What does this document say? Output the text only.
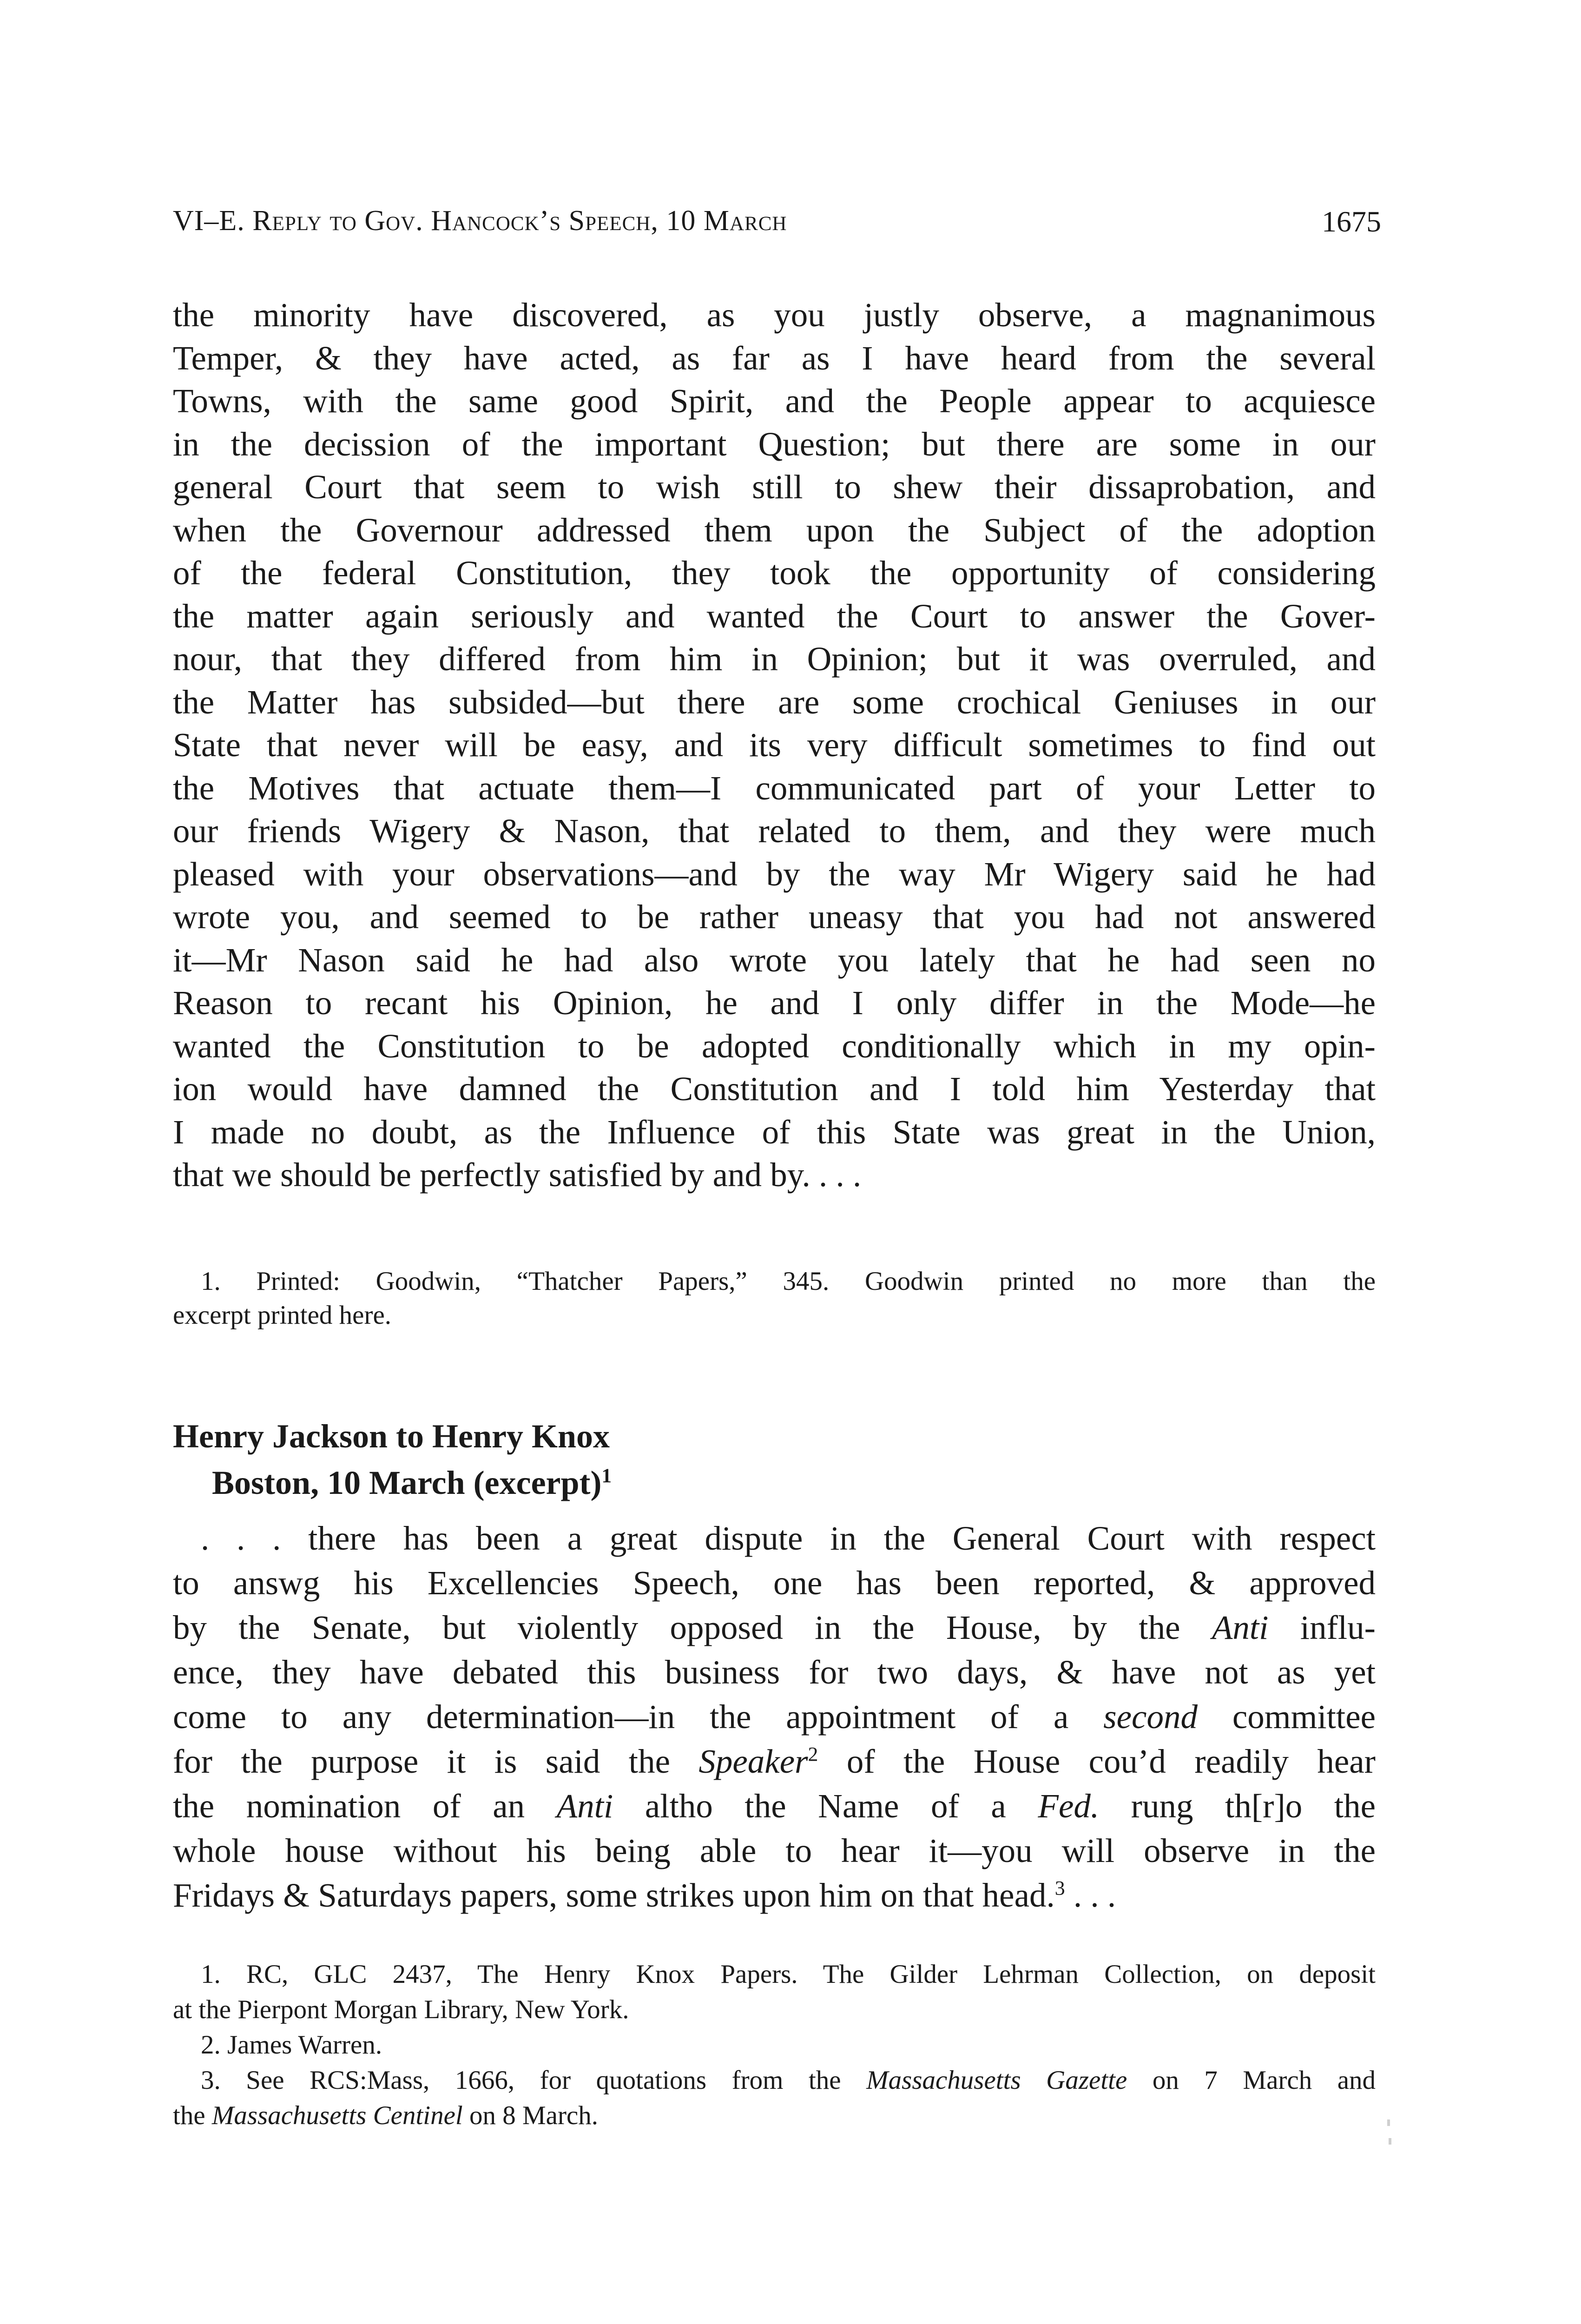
VI–E. Reply to Gov. Hancock’s Speech, 10 March	1675
the minority have discovered, as you justly observe, a magnanimous
Temper, & they have acted, as far as I have heard from the several
Towns, with the same good Spirit, and the People appear to acquiesce
in the decission of the important Question; but there are some in our
general Court that seem to wish still to shew their dissaprobation, and
when the Governour addressed them upon the Subject of the adoption
of the federal Constitution, they took the opportunity of considering
the matter again seriously and wanted the Court to answer the Gover-
nour, that they differed from him in Opinion; but it was overruled, and
the Matter has subsided—but there are some crochical Geniuses in our
State that never will be easy, and its very difficult sometimes to find out
the Motives that actuate them—I communicated part of your Letter to
our friends Wigery & Nason, that related to them, and they were much
pleased with your observations—and by the way Mr Wigery said he had
wrote you, and seemed to be rather uneasy that you had not answered
it—Mr Nason said he had also wrote you lately that he had seen no
Reason to recant his Opinion, he and I only differ in the Mode—he
wanted the Constitution to be adopted conditionally which in my opin-
ion would have damned the Constitution and I told him Yesterday that
I made no doubt, as the Influence of this State was great in the Union,
that we should be perfectly satisfied by and by. . . .
1. Printed: Goodwin, “Thatcher Papers,” 345. Goodwin printed no more than the
excerpt printed here.
Henry Jackson to Henry Knox
Boston, 10 March (excerpt)$^1$
. . . there has been a great dispute in the General Court with respect
to answg his Excellencies Speech, one has been reported, & approved
by the Senate, but violently opposed in the House, by the Anti influ-
ence, they have debated this business for two days, & have not as yet
come to any determination—in the appointment of a second committee
for the purpose it is said the Speaker$^2$ of the House cou’d readily hear
the nomination of an Anti altho the Name of a Fed. rung th[r]o the
whole house without his being able to hear it—you will observe in the
Fridays & Saturdays papers, some strikes upon him on that head.$^3$ . . .
1. RC, GLC 2437, The Henry Knox Papers. The Gilder Lehrman Collection, on deposit
at the Pierpont Morgan Library, New York.
2. James Warren.
3. See RCS:Mass, 1666, for quotations from the Massachusetts Gazette on 7 March and
the Massachusetts Centinel on 8 March.
